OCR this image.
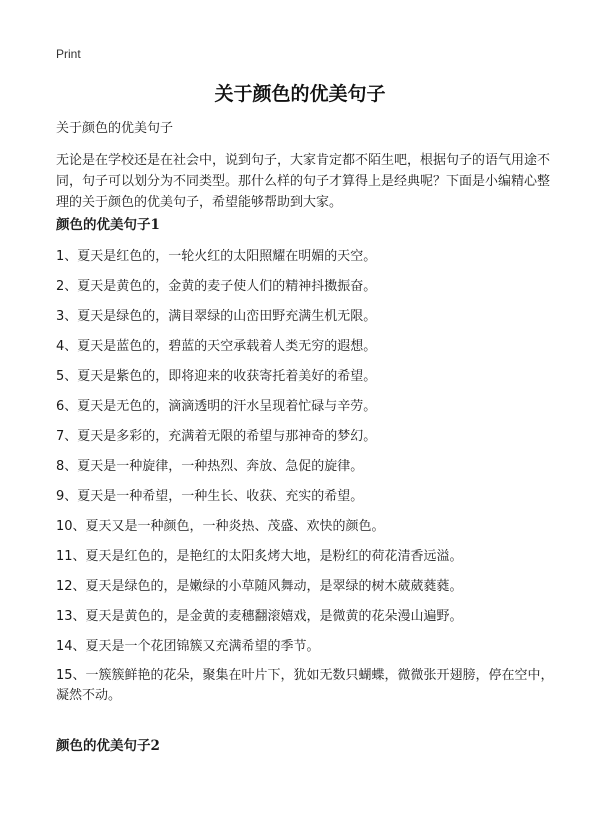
Print
关于颜色的优美句子

关于颜色的优美句子

无论是在学校还是在社会中，说到句子，大家肯定都不陌生吧，根据句子的语气用途不同，句子可以划分为不同类型。那什么样的句子才算得上是经典呢？下面是小编精心整理的关于颜色的优美句子，希望能够帮助到大家。

颜色的优美句子1
1、夏天是红色的，一轮火红的太阳照耀在明媚的天空。
2、夏天是黄色的，金黄的麦子使人们的精神抖擞振奋。
3、夏天是绿色的，满目翠绿的山峦田野充满生机无限。
4、夏天是蓝色的，碧蓝的天空承载着人类无穷的遐想。
5、夏天是紫色的，即将迎来的收获寄托着美好的希望。
6、夏天是无色的，滴滴透明的汗水呈现着忙碌与辛劳。
7、夏天是多彩的，充满着无限的希望与那神奇的梦幻。
8、夏天是一种旋律，一种热烈、奔放、急促的旋律。
9、夏天是一种希望，一种生长、收获、充实的希望。
10、夏天又是一种颜色，一种炎热、茂盛、欢快的颜色。
11、夏天是红色的，是艳红的太阳炙烤大地，是粉红的荷花清香远溢。
12、夏天是绿色的，是嫩绿的小草随风舞动，是翠绿的树木葳葳蕤蕤。
13、夏天是黄色的，是金黄的麦穗翻滚嬉戏，是微黄的花朵漫山遍野。
14、夏天是一个花团锦簇又充满希望的季节。
15、一簇簇鲜艳的花朵，聚集在叶片下，犹如无数只蝴蝶，微微张开翅膀，停在空中，凝然不动。
颜色的优美句子2
